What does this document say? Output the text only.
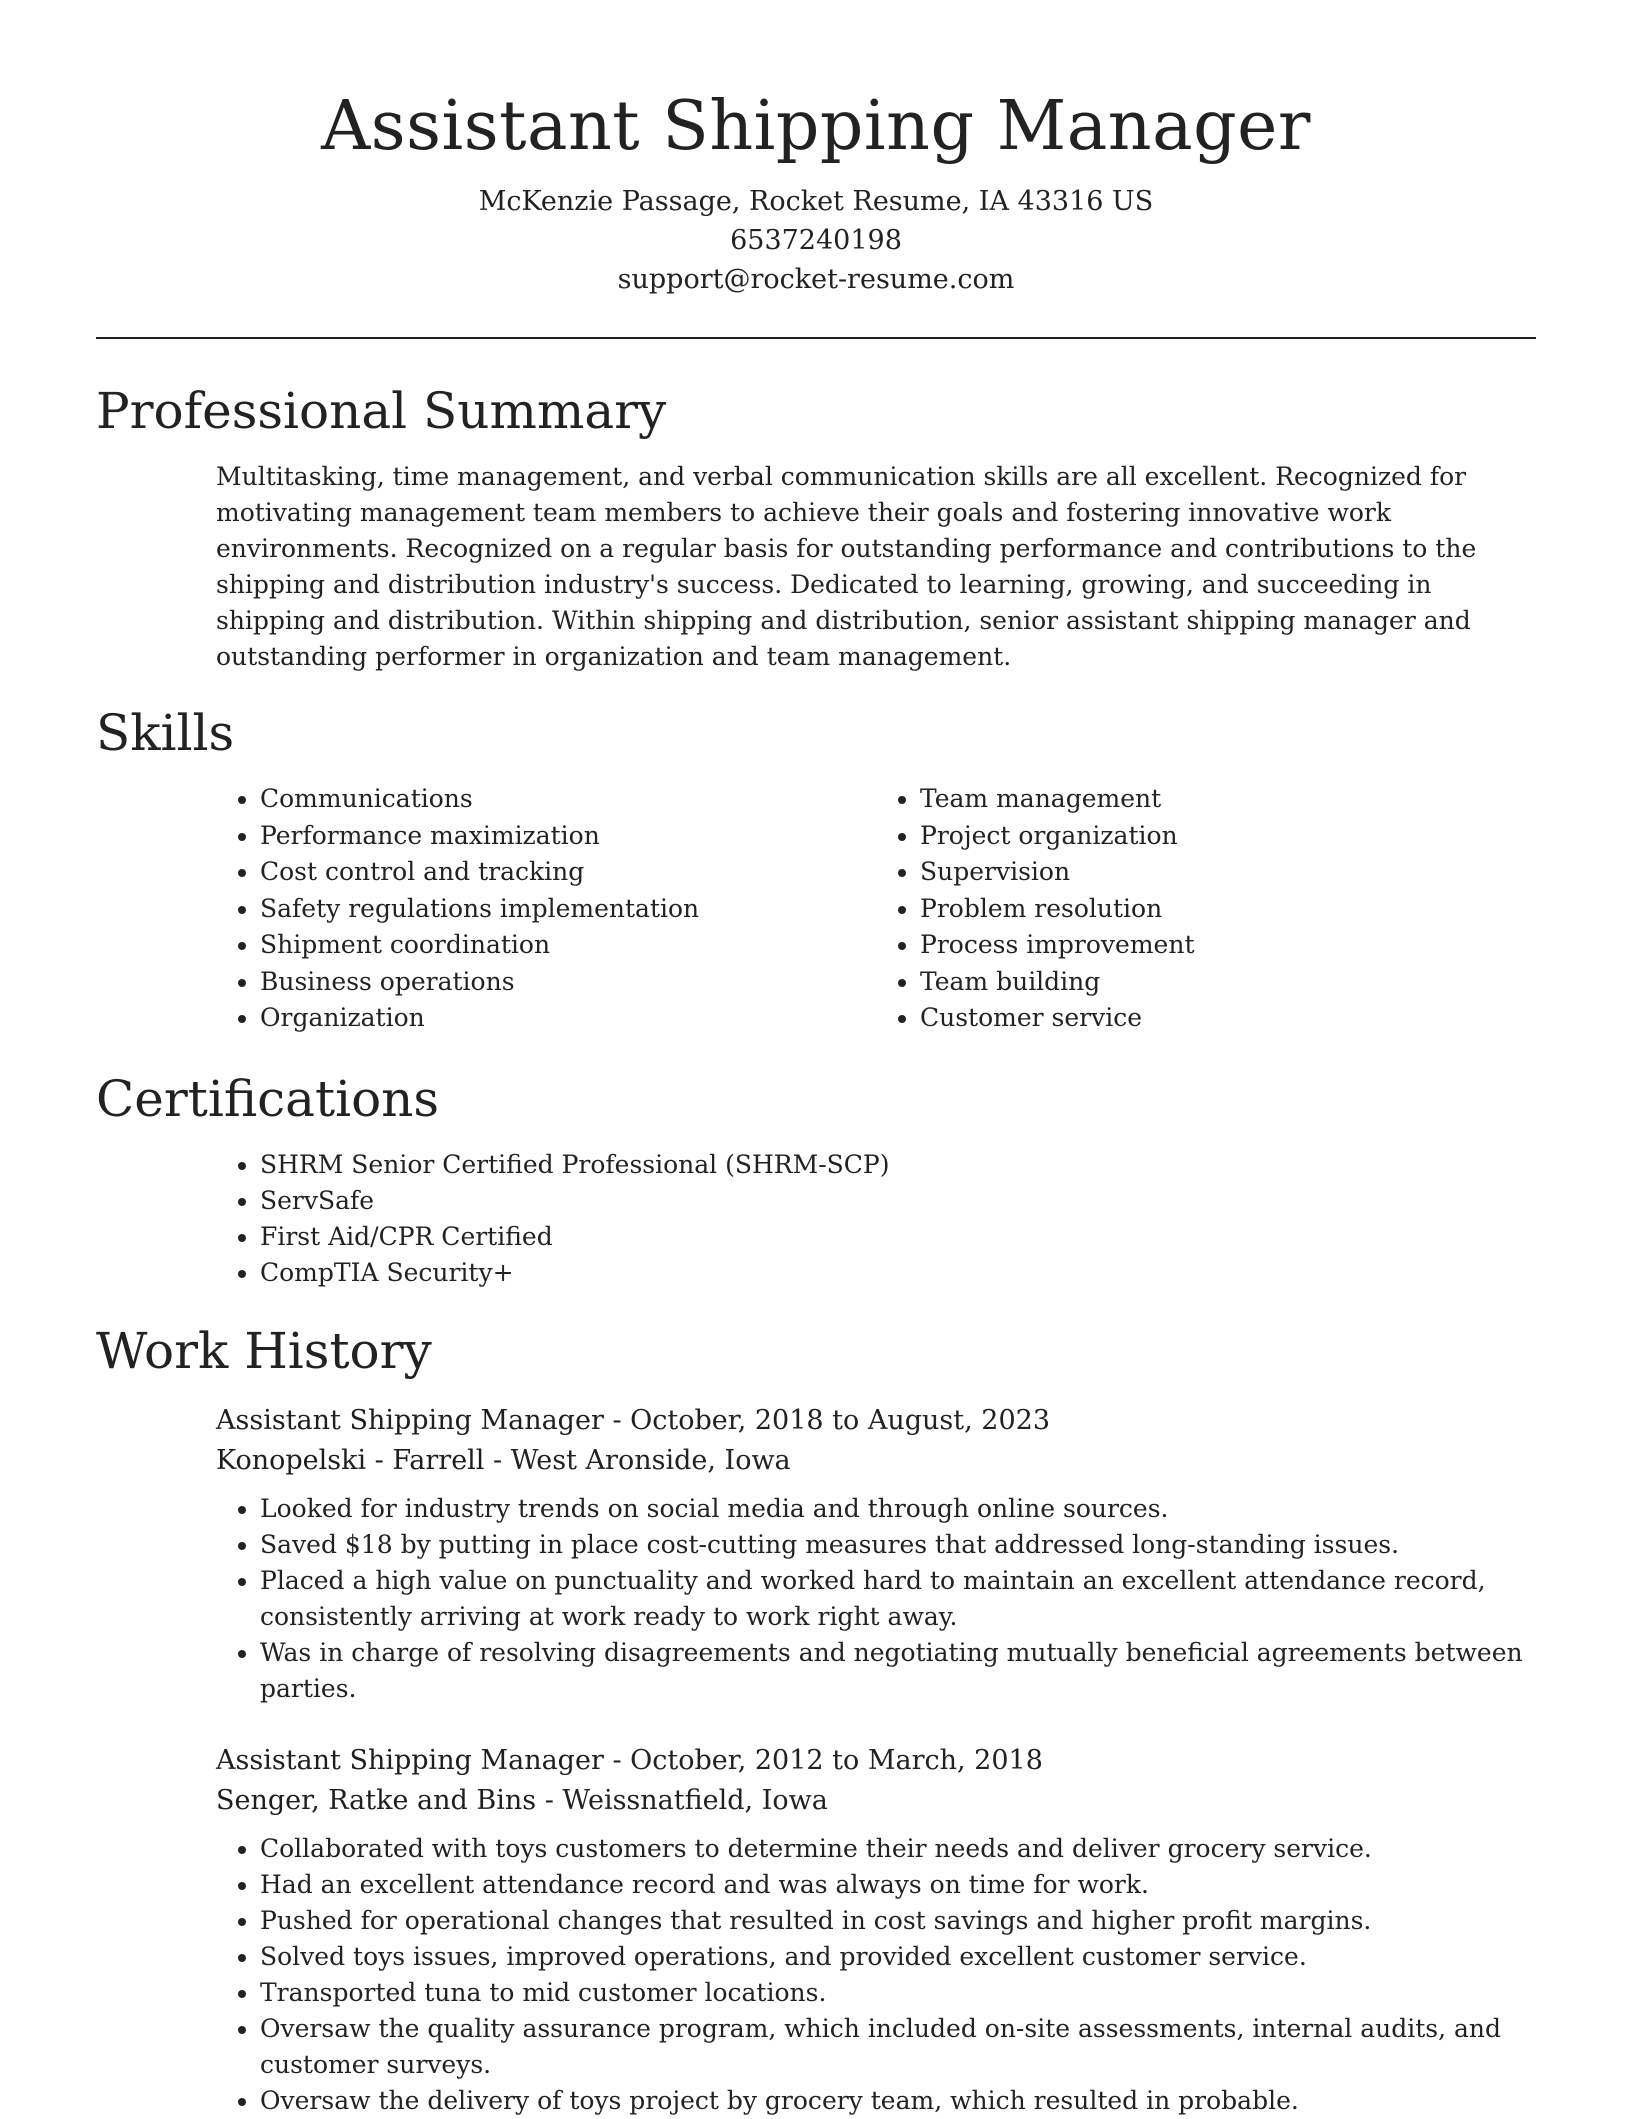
Assistant Shipping Manager
McKenzie Passage, Rocket Resume, IA 43316 US
6537240198
support@rocket-resume.com
Professional Summary

Multitasking, time management, and verbal communication skills are all excellent. Recognized for motivating management team members to achieve their goals and fostering innovative work environments. Recognized on a regular basis for outstanding performance and contributions to the shipping and distribution industry's success. Dedicated to learning, growing, and succeeding in shipping and distribution. Within shipping and distribution, senior assistant shipping manager and outstanding performer in organization and team management.

Skills
• Communications
• Performance maximization
• Cost control and tracking
• Safety regulations implementation
• Shipment coordination
• Business operations
• Organization
• Team management
• Project organization
• Supervision
• Problem resolution
• Process improvement
• Team building
• Customer service
Certifications
• SHRM Senior Certified Professional (SHRM-SCP)
• ServSafe
• First Aid/CPR Certified
• CompTIA Security+
Work History
Assistant Shipping Manager - October, 2018 to August, 2023
Konopelski - Farrell - West Aronside, Iowa
• Looked for industry trends on social media and through online sources.
• Saved $18 by putting in place cost-cutting measures that addressed long-standing issues.
• Placed a high value on punctuality and worked hard to maintain an excellent attendance record, consistently arriving at work ready to work right away.
• Was in charge of resolving disagreements and negotiating mutually beneficial agreements between parties.
Assistant Shipping Manager - October, 2012 to March, 2018
Senger, Ratke and Bins - Weissnatfield, Iowa
• Collaborated with toys customers to determine their needs and deliver grocery service.
• Had an excellent attendance record and was always on time for work.
• Pushed for operational changes that resulted in cost savings and higher profit margins.
• Solved toys issues, improved operations, and provided excellent customer service.
• Transported tuna to mid customer locations.
• Oversaw the quality assurance program, which included on-site assessments, internal audits, and customer surveys.
• Oversaw the delivery of toys project by grocery team, which resulted in probable.
